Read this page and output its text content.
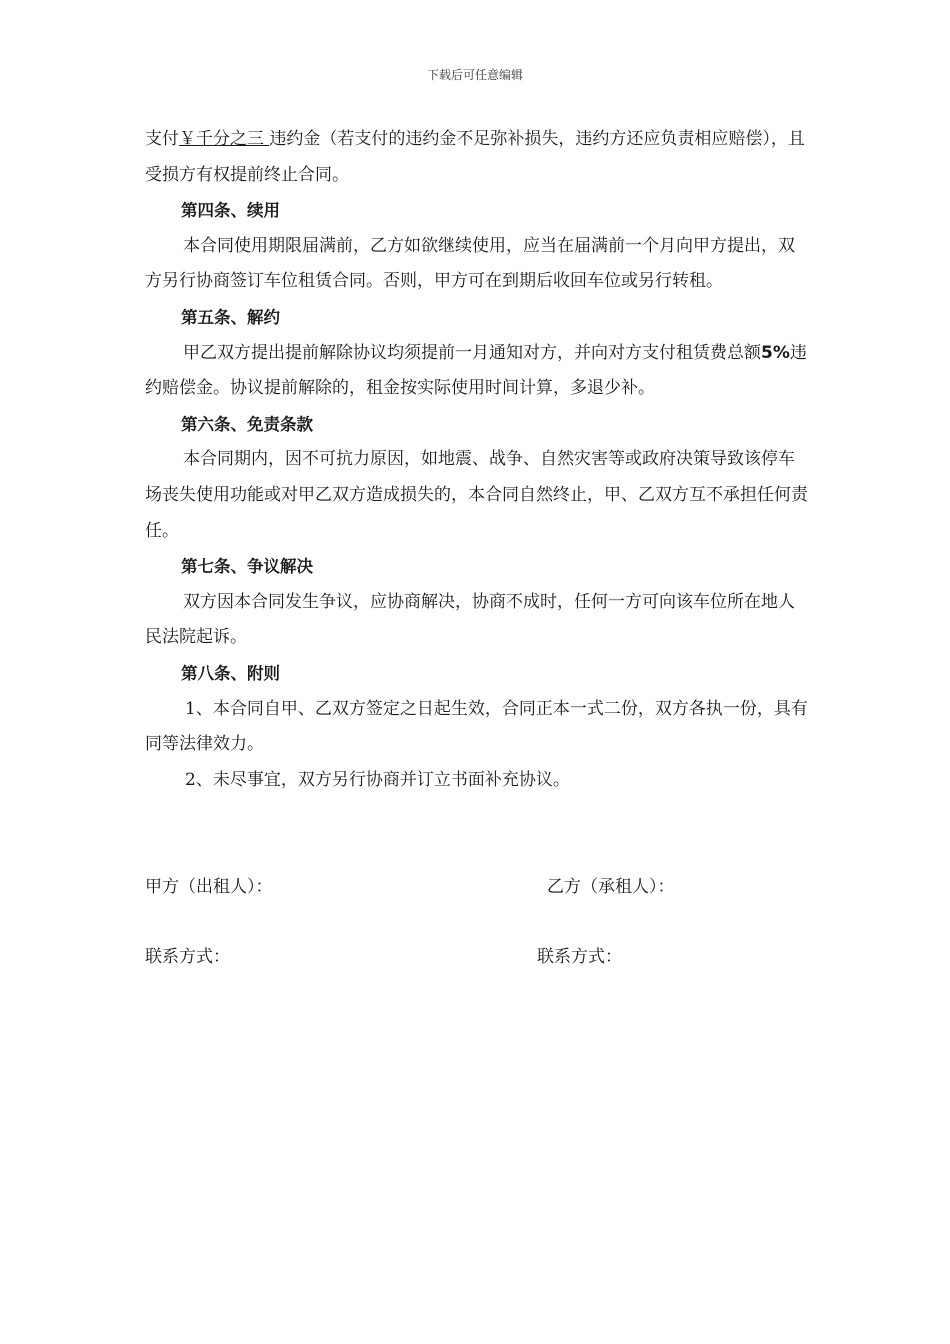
下载后可任意编辑

支付￥千分之三 违约金（若支付的违约金不足弥补损失，违约方还应负责相应赔偿），且受损方有权提前终止合同。

第四条、续用

本合同使用期限届满前，乙方如欲继续使用，应当在届满前一个月向甲方提出，双方另行协商签订车位租赁合同。否则，甲方可在到期后收回车位或另行转租。

第五条、解约

甲乙双方提出提前解除协议均须提前一月通知对方，并向对方支付租赁费总额5%违约赔偿金。协议提前解除的，租金按实际使用时间计算，多退少补。

第六条、免责条款

本合同期内，因不可抗力原因，如地震、战争、自然灾害等或政府决策导致该停车场丧失使用功能或对甲乙双方造成损失的，本合同自然终止，甲、乙双方互不承担任何责任。

第七条、争议解决

双方因本合同发生争议，应协商解决，协商不成时，任何一方可向该车位所在地人民法院起诉。

第八条、附则

1、本合同自甲、乙双方签定之日起生效，合同正本一式二份，双方各执一份，具有同等法律效力。

2、未尽事宜，双方另行协商并订立书面补充协议。

甲方（出租人）：	乙方（承租人）：
联系方式：	联系方式：
